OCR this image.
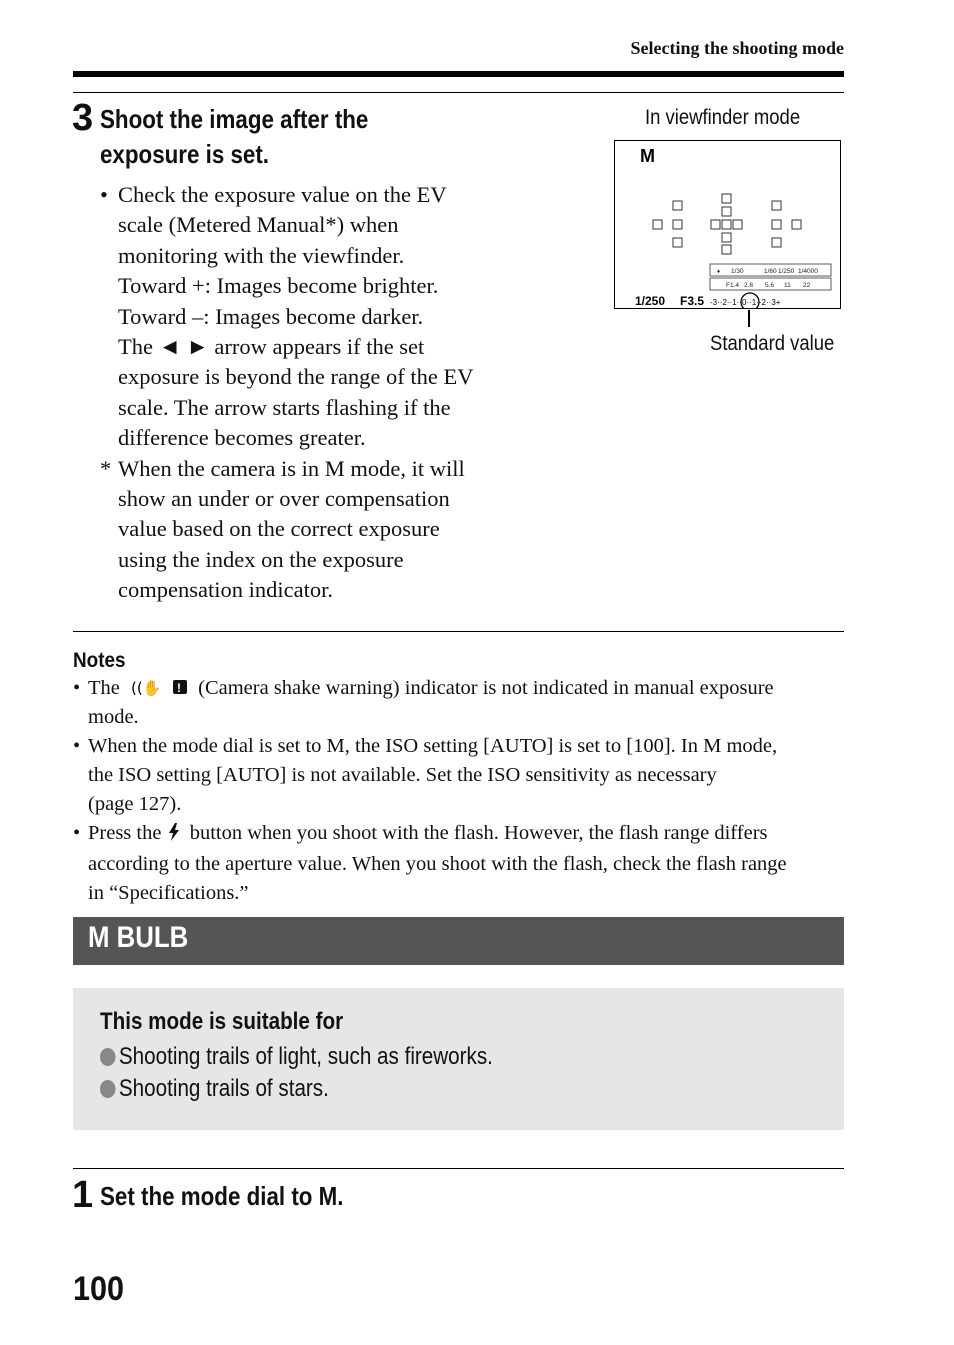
Selecting the shooting mode
3 Shoot the image after the
exposure is set.
• Check the exposure value on the EV
scale (Metered Manual*) when
monitoring with the viewfinder.
Toward +: Images become brighter.
Toward –: Images become darker.
The ◄ ► arrow appears if the set
exposure is beyond the range of the EV
scale. The arrow starts flashing if the
difference becomes greater.
* When the camera is in M mode, it will
show an under or over compensation
value based on the correct exposure
using the index on the exposure
compensation indicator.
In viewfinder mode
M
♦ 1/30	1/60 1/250 1/4000
F1.4 2.8 5.6 11 22
1/250 F3.5 -3··2··1··0··1··2··3+
Standard value
Notes
• The ((✋ ! (Camera shake warning) indicator is not indicated in manual exposure
mode.
• When the mode dial is set to M, the ISO setting [AUTO] is set to [100]. In M mode,
the ISO setting [AUTO] is not available. Set the ISO sensitivity as necessary
(page 127).
• Press the  button when you shoot with the flash. However, the flash range differs
according to the aperture value. When you shoot with the flash, check the flash range
in “Specifications.”
M BULB
This mode is suitable for
Shooting trails of light, such as fireworks.
Shooting trails of stars.
1 Set the mode dial to M.
100
